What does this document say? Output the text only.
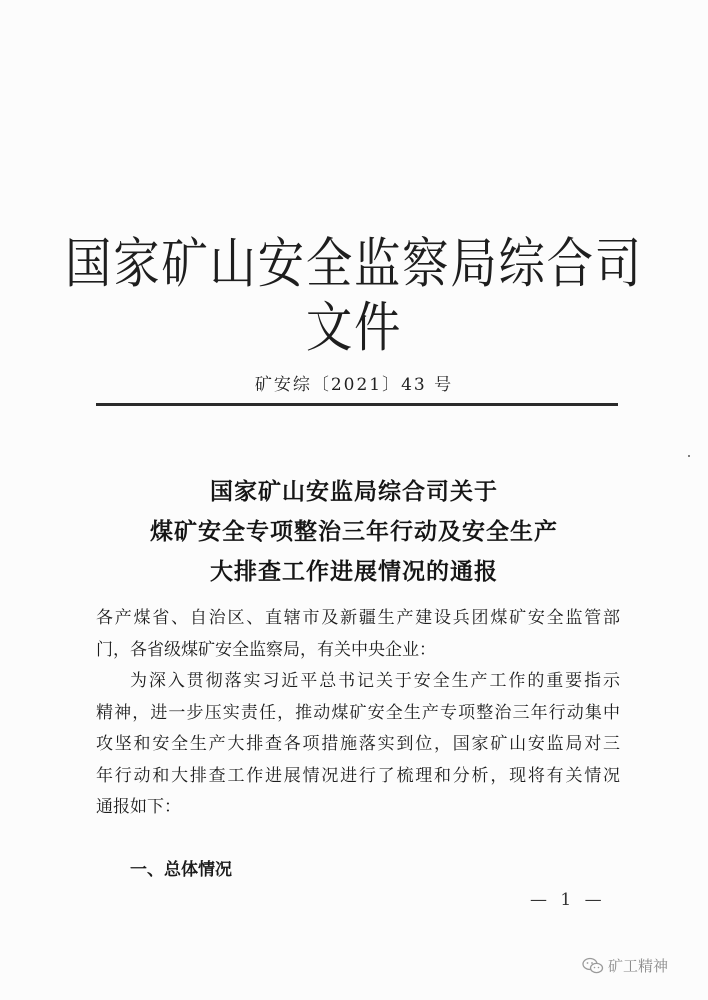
国家矿山安全监察局综合司文件
矿安综〔2021〕43 号
国家矿山安监局综合司关于
煤矿安全专项整治三年行动及安全生产
大排查工作进展情况的通报

各产煤省、自治区、直辖市及新疆生产建设兵团煤矿安全监管部

门，各省级煤矿安全监察局，有关中央企业：

为深入贯彻落实习近平总书记关于安全生产工作的重要指示

精神，进一步压实责任，推动煤矿安全生产专项整治三年行动集中

攻坚和安全生产大排查各项措施落实到位，国家矿山安监局对三

年行动和大排查工作进展情况进行了梳理和分析，现将有关情况

通报如下：

一、总体情况
— 1 —
矿工精神
